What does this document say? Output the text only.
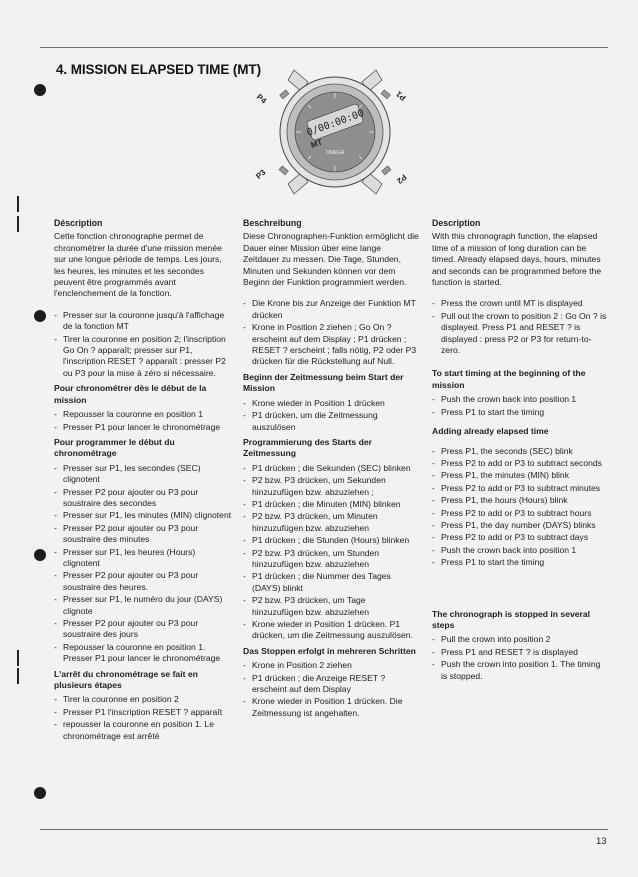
4. MISSION ELAPSED TIME (MT)
0/00:00:00
MT
OMEGA
P4	P1
P3	P2
Déscription

Cette fonction chronographe permet de chronométrer la durée d'une mission menée sur une longue période de temps. Les jours, les heures, les minutes et les secondes peuvent être programmés avant l'enclenchement de la fonction.

- Presser sur la couronne jusqu'à l'affichage de la fonction MT
- Tirer la couronne en position 2; l'inscription Go On ? apparaît; presser sur P1, l'inscription RESET ? apparaît : presser P2 ou P3 pour la mise à zéro si nécessaire.
Pour chronométrer dès le début de la mission
- Repousser la couronne en position 1
- Presser P1 pour lancer le chronométrage
Pour programmer le début du chronométrage
- Presser sur P1, les secondes (SEC) clignotent
- Presser P2 pour ajouter ou P3 pour soustraire des secondes
- Presser sur P1, les minutes (MIN) clignotent
- Presser P2 pour ajouter ou P3 pour soustraire des minutes
- Presser sur P1, les heures (Hours) clignotent
- Presser P2 pour ajouter ou P3 pour soustraire des heures.
- Presser sur P1, le numéro du jour (DAYS) clignote
- Presser P2 pour ajouter ou P3 pour soustraire des jours
- Repousser la couronne en position 1. Presser P1 pour lancer le chronométrage
L'arrêt du chronométrage se fait en plusieurs étapes
- Tirer la couronne en position 2
- Presser P1 l'inscription RESET ? apparaît
- repousser la couronne en position 1. Le chronométrage est arrêté
Beschreibung

Diese Chronographen-Funktion ermöglicht die Dauer einer Mission über eine lange Zeitdauer zu messen. Die Tage, Stunden, Minuten und Sekunden können vor dem Beginn der Funktion programmiert werden.

- Die Krone bis zur Anzeige der Funktion MT drücken
- Krone in Position 2 ziehen ; Go On ? erscheint auf dem Display ; P1 drücken ; RESET ? erscheint ; falls nötig, P2 oder P3 drücken für die Rückstellung auf Null.
Beginn der Zeitmessung beim Start der Mission
- Krone wieder in Position 1 drücken
- P1 drücken, um die Zeitmessung auszulösen
Programmierung des Starts der Zeitmessung
- P1 drücken ; die Sekunden (SEC) blinken
- P2 bzw. P3 drücken, um Sekunden hinzuzufügen bzw. abzuziehen ;
- P1 drücken ; die Minuten (MIN) blinken
- P2 bzw. P3 drücken, um Minuten hinzuzufügen bzw. abzuziehen
- P1 drücken ; die Stunden (Hours) blinken
- P2 bzw. P3 drücken, um Stunden hinzuzufügen bzw. abzuziehen
- P1 drücken ; die Nummer des Tages (DAYS) blinkt
- P2 bzw. P3 drücken, um Tage hinzuzufügen bzw. abzuziehen
- Krone wieder in Position 1 drücken. P1 drücken, um die Zeitmessung auszulösen.
Das Stoppen erfolgt in mehreren Schritten
- Krone in Position 2 ziehen
- P1 drücken ; die Anzeige RESET ? erscheint auf dem Display
- Krone wieder in Position 1 drücken. Die Zeitmessung ist angehalten.
Description

With this chronograph function, the elapsed time of a mission of long duration can be timed. Already elapsed days, hours, minutes and seconds can be programmed before the function is started.

- Press the crown until MT is displayed
- Pull out the crown to position 2 : Go On ? is displayed. Press P1 and RESET ? is displayed : press P2 or P3 for return-to-zero.
To start timing at the beginning of the mission
- Push the crown back into position 1
- Press P1 to start the timing
Adding already elapsed time
- Press P1, the seconds (SEC) blink
- Press P2 to add or P3 to subtract seconds
- Press P1, the minutes (MIN) blink
- Press P2 to add or P3 to subtract minutes
- Press P1, the hours (Hours) blink
- Press P2 to add or P3 to subtract hours
- Press P1, the day number (DAYS) blinks
- Press P2 to add or P3 to subtract days
- Push the crown back into position 1
- Press P1 to start the timing
The chronograph is stopped in several steps
- Pull the crown into position 2
- Press P1 and RESET ? is displayed
- Push the crown into position 1. The timing is stopped.
13
